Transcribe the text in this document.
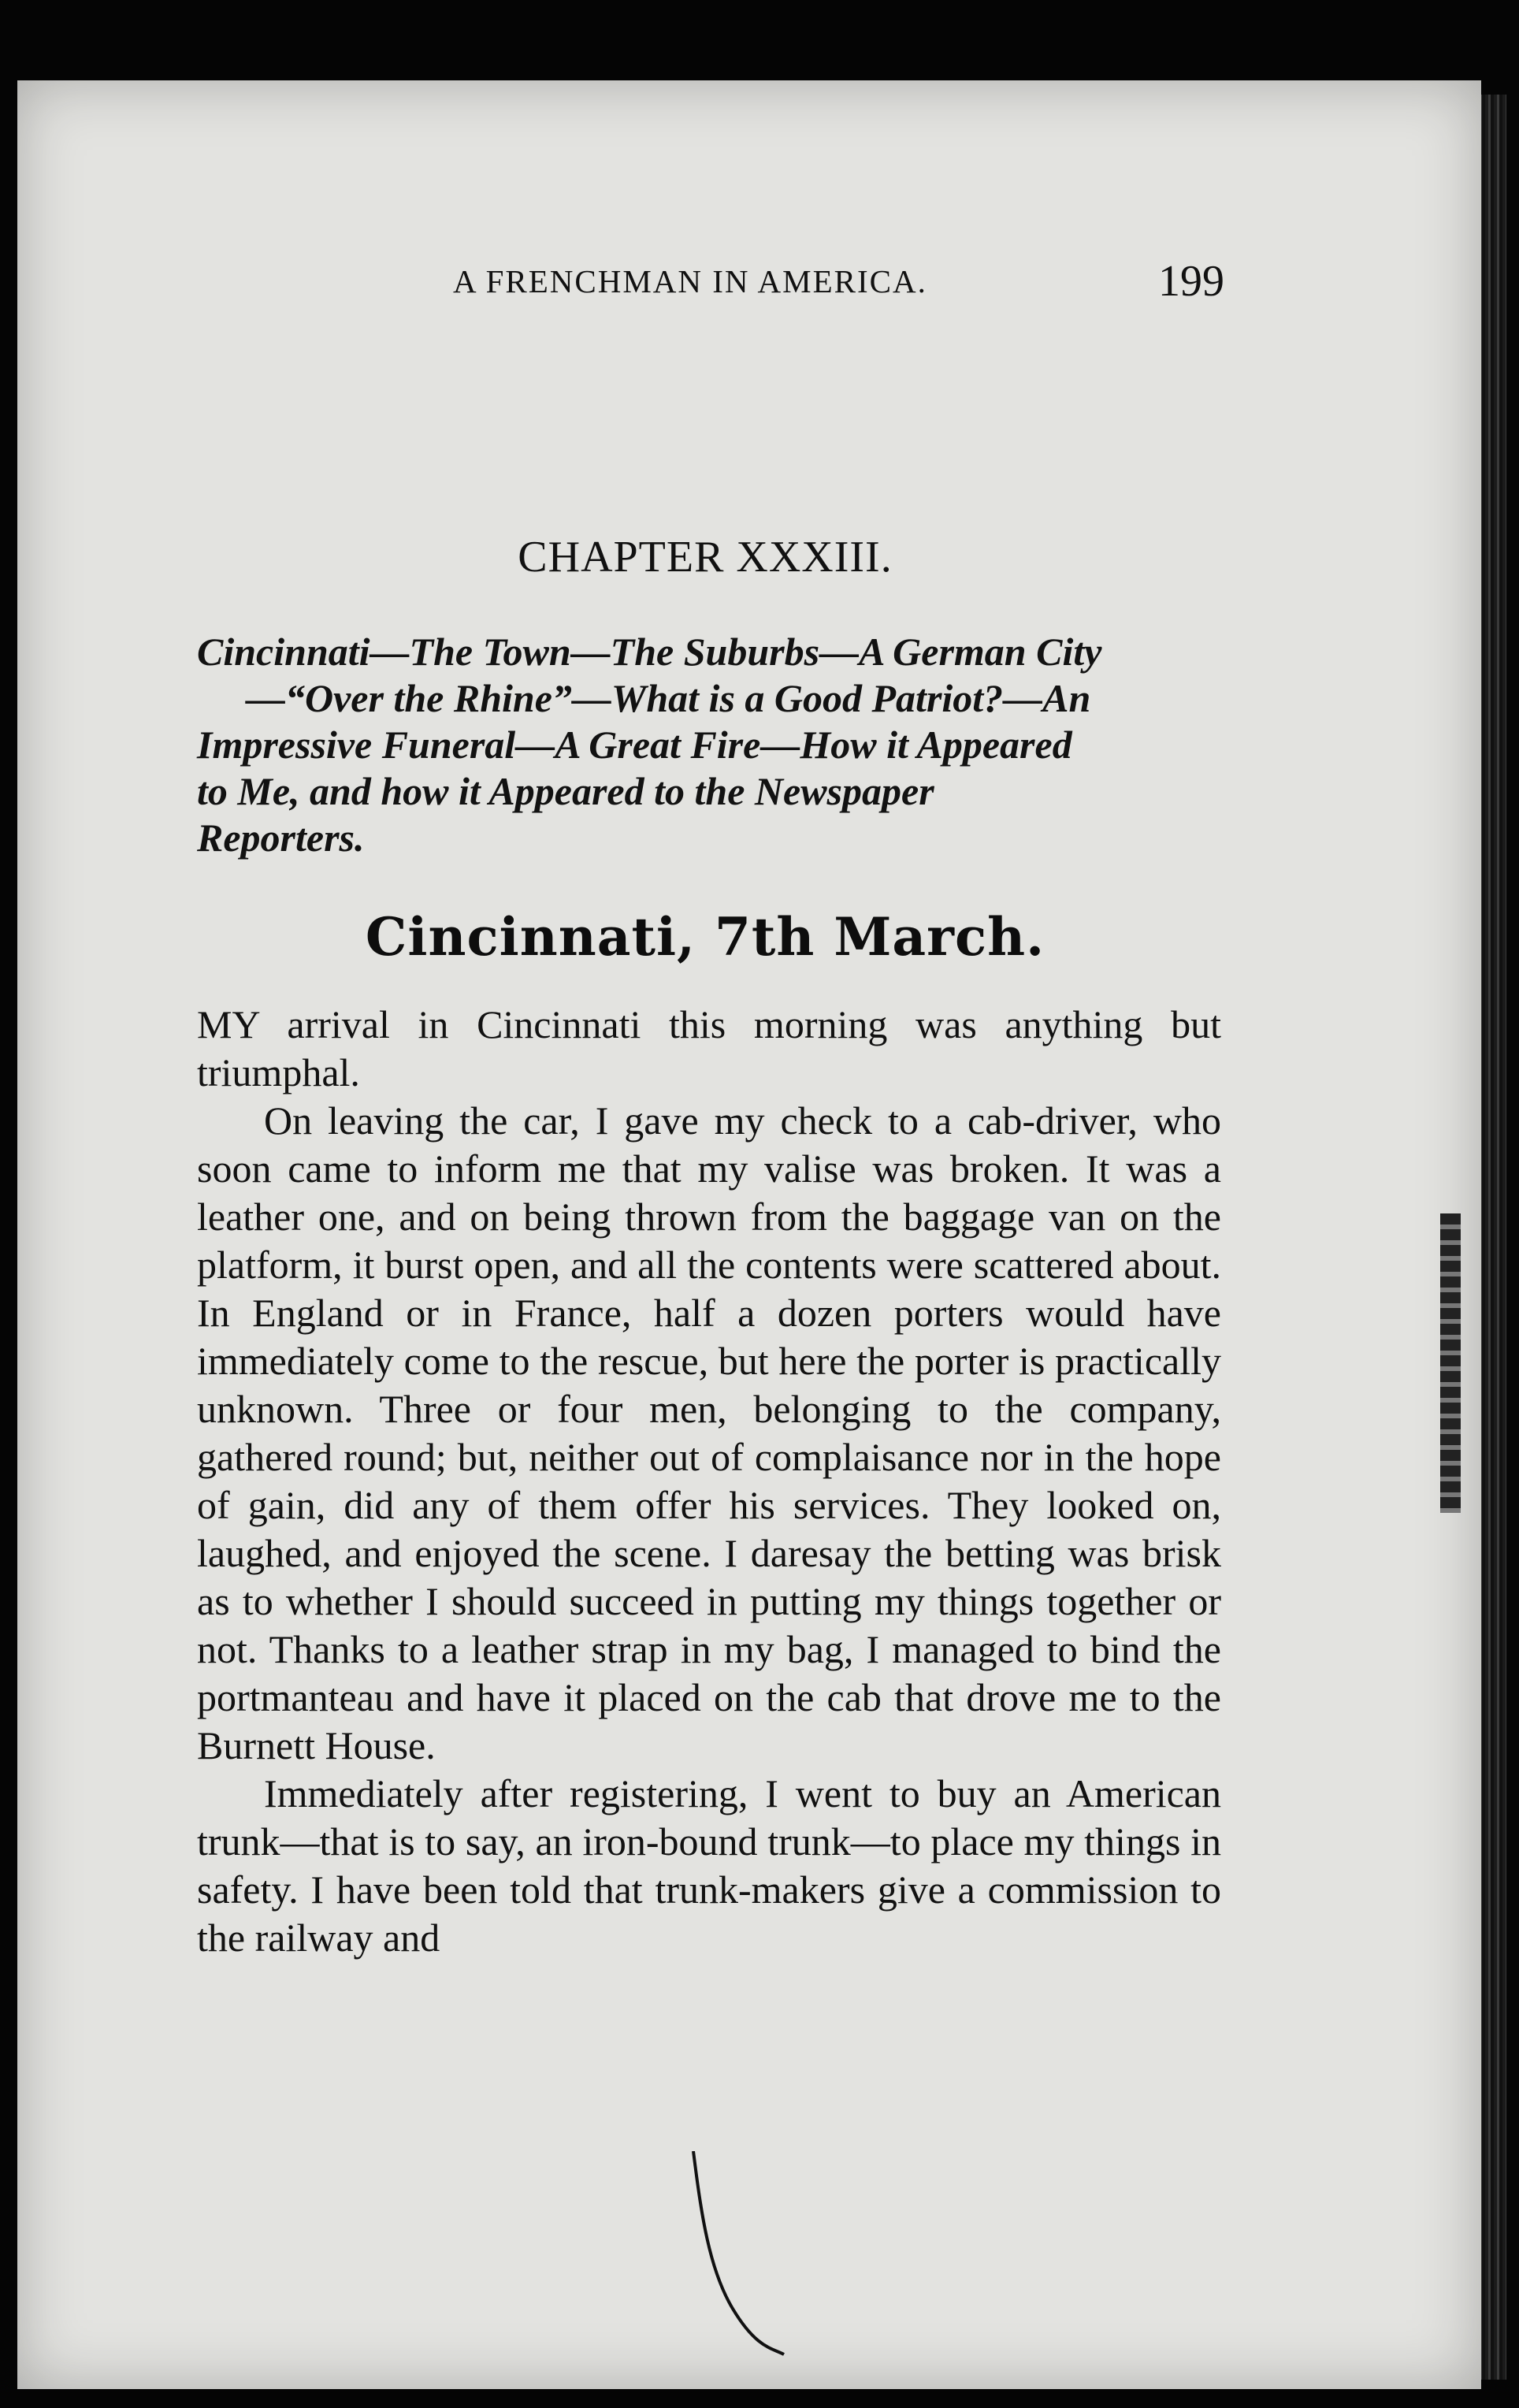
A FRENCHMAN IN AMERICA.	199
CHAPTER XXXIII.
Cincinnati—The Town—The Suburbs—A German City
—“Over the Rhine”—What is a Good Patriot?—An
Impressive Funeral—A Great Fire—How it Appeared
to Me, and how it Appeared to the Newspaper
Reporters.
Cincinnati, 7th March.

MY arrival in Cincinnati this morning was anything but triumphal.

On leaving the car, I gave my check to a cab-driver, who soon came to inform me that my valise was broken. It was a leather one, and on being thrown from the baggage van on the platform, it burst open, and all the contents were scattered about. In England or in France, half a dozen porters would have immediately come to the rescue, but here the porter is practically unknown. Three or four men, belonging to the company, gathered round; but, neither out of complaisance nor in the hope of gain, did any of them offer his services. They looked on, laughed, and enjoyed the scene. I daresay the betting was brisk as to whether I should succeed in putting my things together or not. Thanks to a leather strap in my bag, I managed to bind the portmanteau and have it placed on the cab that drove me to the Burnett House.

Immediately after registering, I went to buy an American trunk—that is to say, an iron-bound trunk—to place my things in safety. I have been told that trunk-makers give a commission to the railway and
